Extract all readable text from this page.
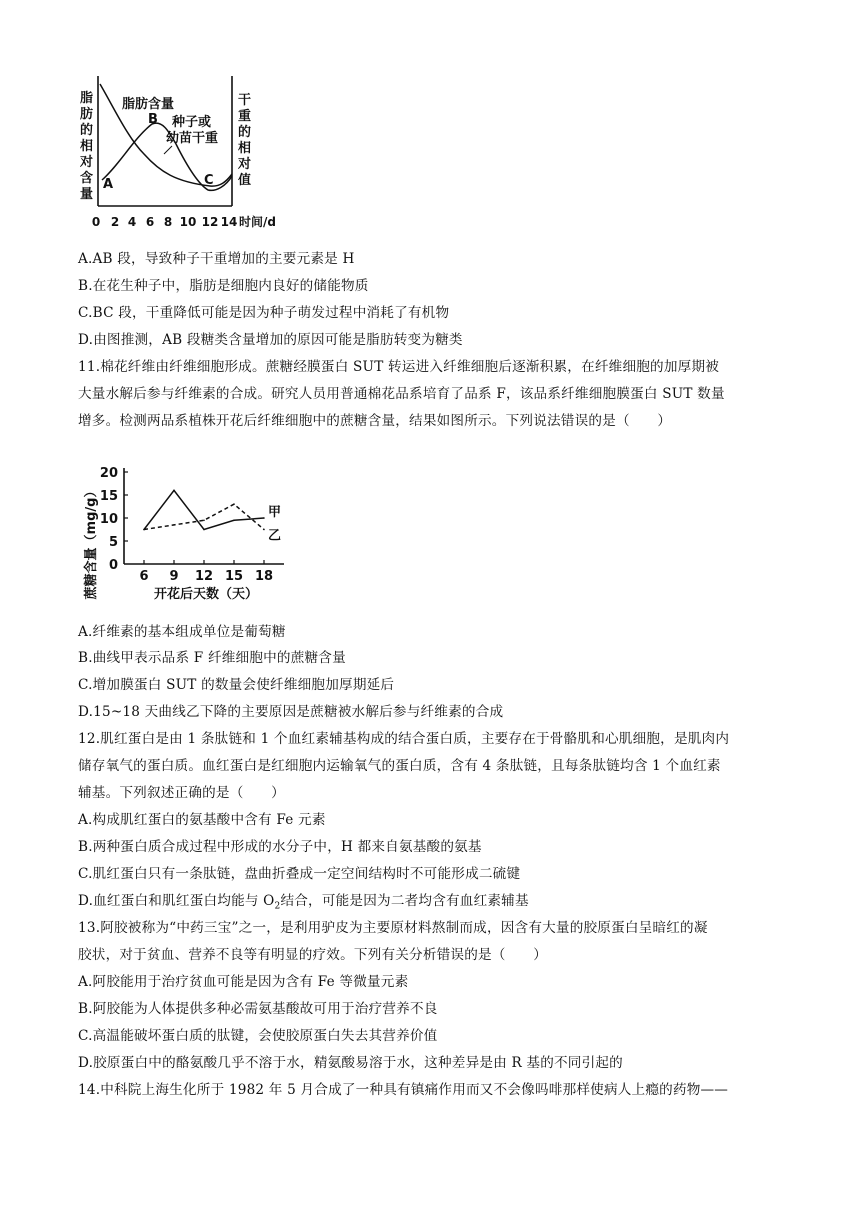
脂
肪
的
相
对
含
量
干
重
的
相
对
值
脂肪含量
种子或
幼苗干重
A
B
C
0 2 4 6 8 10 12 14 时间/d
A.AB 段，导致种子干重增加的主要元素是 H
B.在花生种子中，脂肪是细胞内良好的储能物质
C.BC 段，干重降低可能是因为种子萌发过程中消耗了有机物
D.由图推测，AB 段糖类含量增加的原因可能是脂肪转变为糖类
11.棉花纤维由纤维细胞形成。蔗糖经膜蛋白 SUT 转运进入纤维细胞后逐渐积累，在纤维细胞的加厚期被
大量水解后参与纤维素的合成。研究人员用普通棉花品系培育了品系 F，该品系纤维细胞膜蛋白 SUT 数量
增多。检测两品系植株开花后纤维细胞中的蔗糖含量，结果如图所示。下列说法错误的是（　　）
0
5
10
15
20
6 9 12 15 18
甲
乙
蔗糖含量（mg/g）	开花后天数（天）
A.纤维素的基本组成单位是葡萄糖
B.曲线甲表示品系 F 纤维细胞中的蔗糖含量
C.增加膜蛋白 SUT 的数量会使纤维细胞加厚期延后
D.15~18 天曲线乙下降的主要原因是蔗糖被水解后参与纤维素的合成
12.肌红蛋白是由 1 条肽链和 1 个血红素辅基构成的结合蛋白质，主要存在于骨骼肌和心肌细胞，是肌肉内
储存氧气的蛋白质。血红蛋白是红细胞内运输氧气的蛋白质，含有 4 条肽链，且每条肽链均含 1 个血红素
辅基。下列叙述正确的是（　　）
A.构成肌红蛋白的氨基酸中含有 Fe 元素
B.两种蛋白质合成过程中形成的水分子中，H 都来自氨基酸的氨基
C.肌红蛋白只有一条肽链，盘曲折叠成一定空间结构时不可能形成二硫键
D.血红蛋白和肌红蛋白均能与 $O_2$结合，可能是因为二者均含有血红素辅基
13.阿胶被称为“中药三宝”之一，是利用驴皮为主要原材料熬制而成，因含有大量的胶原蛋白呈暗红的凝
胶状，对于贫血、营养不良等有明显的疗效。下列有关分析错误的是（　　）
A.阿胶能用于治疗贫血可能是因为含有 Fe 等微量元素
B.阿胶能为人体提供多种必需氨基酸故可用于治疗营养不良
C.高温能破坏蛋白质的肽键，会使胶原蛋白失去其营养价值
D.胶原蛋白中的酪氨酸几乎不溶于水，精氨酸易溶于水，这种差异是由 R 基的不同引起的
14.中科院上海生化所于 1982 年 5 月合成了一种具有镇痛作用而又不会像吗啡那样使病人上瘾的药物——
